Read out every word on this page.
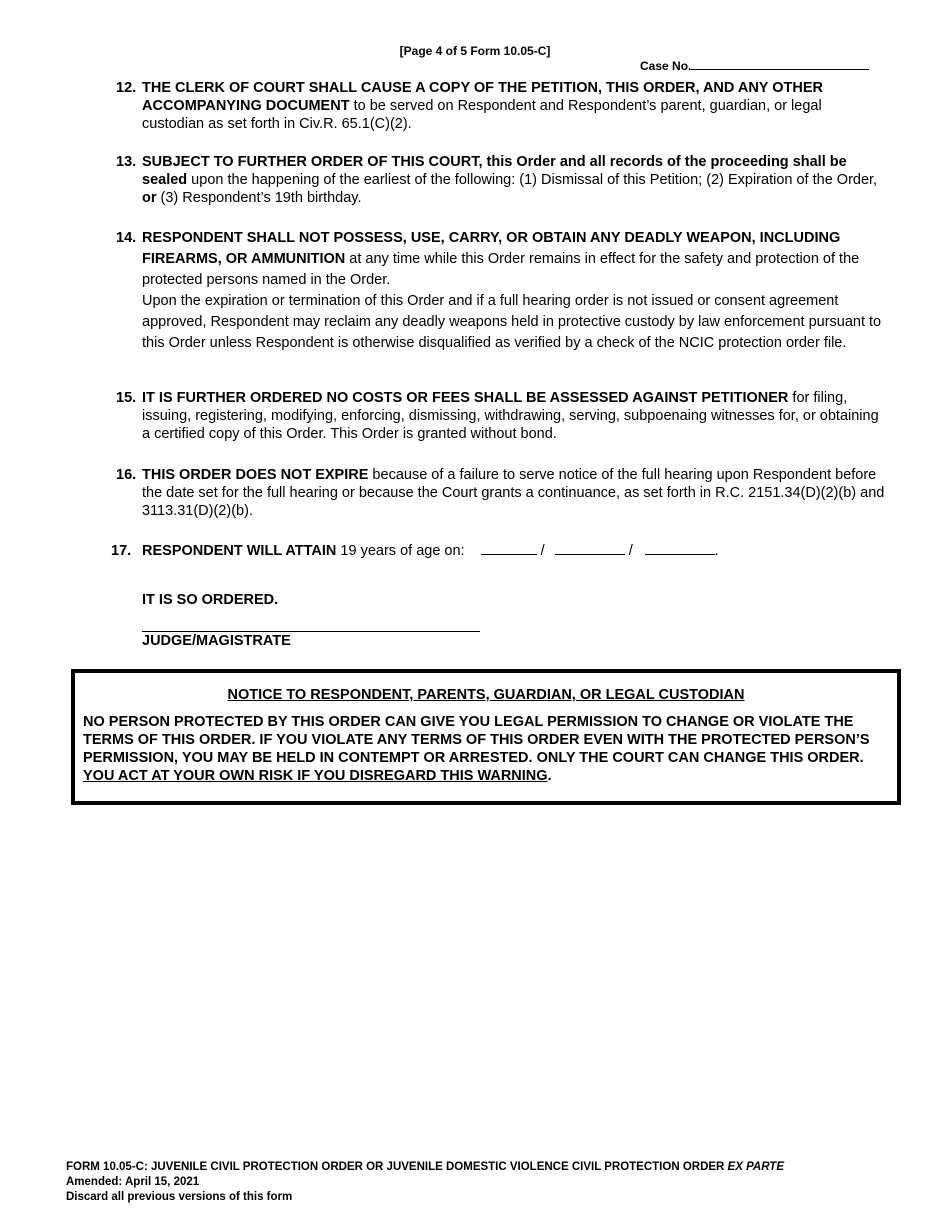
[Page 4 of 5 Form 10.05-C]
Case No.
12. THE CLERK OF COURT SHALL CAUSE A COPY OF THE PETITION, THIS ORDER, AND ANY OTHER ACCOMPANYING DOCUMENT to be served on Respondent and Respondent’s parent, guardian, or legal custodian as set forth in Civ.R. 65.1(C)(2).
13. SUBJECT TO FURTHER ORDER OF THIS COURT, this Order and all records of the proceeding shall be sealed upon the happening of the earliest of the following: (1) Dismissal of this Petition; (2) Expiration of the Order, or (3) Respondent’s 19th birthday.
14. RESPONDENT SHALL NOT POSSESS, USE, CARRY, OR OBTAIN ANY DEADLY WEAPON, INCLUDING FIREARMS, OR AMMUNITION at any time while this Order remains in effect for the safety and protection of the protected persons named in the Order.
Upon the expiration or termination of this Order and if a full hearing order is not issued or consent agreement approved, Respondent may reclaim any deadly weapons held in protective custody by law enforcement pursuant to this Order unless Respondent is otherwise disqualified as verified by a check of the NCIC protection order file.
15. IT IS FURTHER ORDERED NO COSTS OR FEES SHALL BE ASSESSED AGAINST PETITIONER for filing, issuing, registering, modifying, enforcing, dismissing, withdrawing, serving, subpoenaing witnesses for, or obtaining a certified copy of this Order. This Order is granted without bond.
16. THIS ORDER DOES NOT EXPIRE because of a failure to serve notice of the full hearing upon Respondent before the date set for the full hearing or because the Court grants a continuance, as set forth in R.C. 2151.34(D)(2)(b) and 3113.31(D)(2)(b).
17. RESPONDENT WILL ATTAIN 19 years of age on:	/	/	.
IT IS SO ORDERED.
JUDGE/MAGISTRATE
NOTICE TO RESPONDENT, PARENTS, GUARDIAN, OR LEGAL CUSTODIAN
NO PERSON PROTECTED BY THIS ORDER CAN GIVE YOU LEGAL PERMISSION TO CHANGE OR VIOLATE THE TERMS OF THIS ORDER. IF YOU VIOLATE ANY TERMS OF THIS ORDER EVEN WITH THE PROTECTED PERSON’S PERMISSION, YOU MAY BE HELD IN CONTEMPT OR ARRESTED. ONLY THE COURT CAN CHANGE THIS ORDER. YOU ACT AT YOUR OWN RISK IF YOU DISREGARD THIS WARNING.
FORM 10.05-C: JUVENILE CIVIL PROTECTION ORDER OR JUVENILE DOMESTIC VIOLENCE CIVIL PROTECTION ORDER EX PARTE
Amended: April 15, 2021
Discard all previous versions of this form
